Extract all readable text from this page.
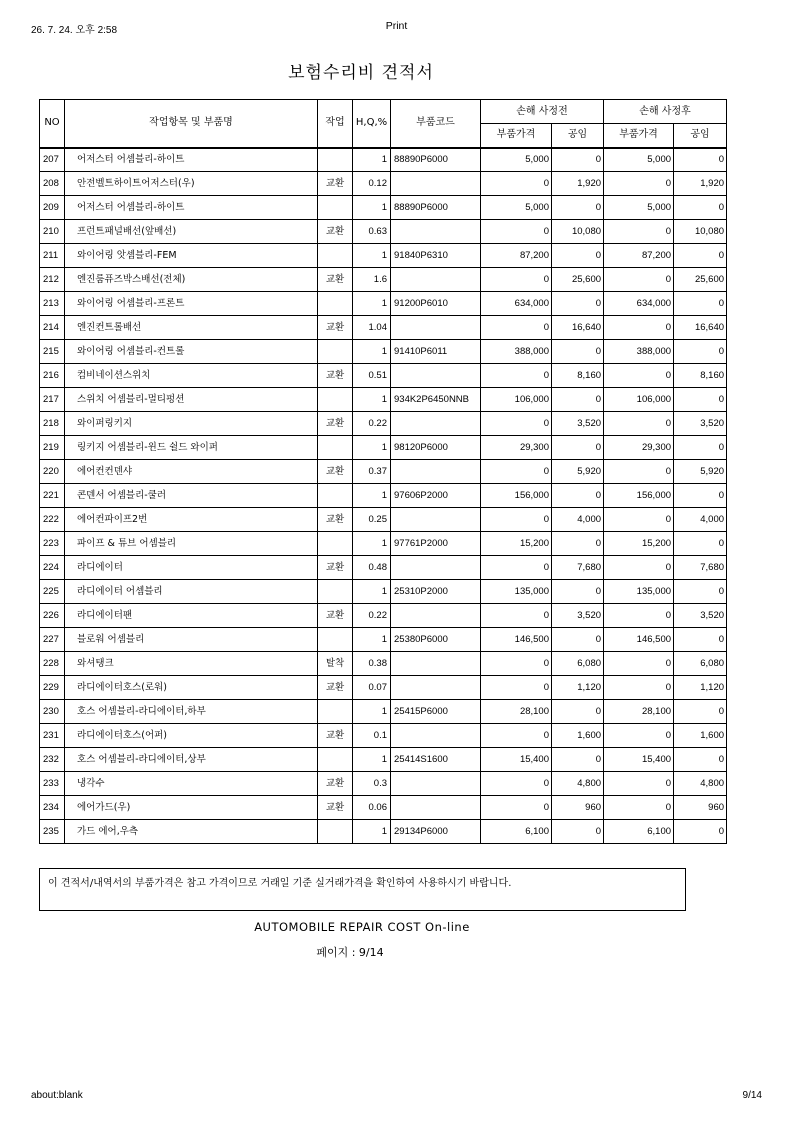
26. 7. 24. 오후 2:58	Print
보험수리비 견적서
NO	작업항목 및 부품명	작업	H,Q,%	부품코드	손해 사정전		손해 사정후	
					부품가격	공임	부품가격	공임
207	어저스터 어셈블리-하이트		1	88890P6000	5,000	0	5,000	0
208	안전벨트하이트어저스터(우)	교환	0.12		0	1,920	0	1,920
209	어저스터 어셈블리-하이트		1	88890P6000	5,000	0	5,000	0
210	프런트패널배선(앞배선)	교환	0.63		0	10,080	0	10,080
211	와이어링 앗셈블리-FEM		1	91840P6310	87,200	0	87,200	0
212	엔진룸퓨즈박스배선(전체)	교환	1.6		0	25,600	0	25,600
213	와이어링 어셈블리-프론트		1	91200P6010	634,000	0	634,000	0
214	엔진컨트롤배선	교환	1.04		0	16,640	0	16,640
215	와이어링 어셈블리-컨트롤		1	91410P6011	388,000	0	388,000	0
216	컴비네이션스위치	교환	0.51		0	8,160	0	8,160
217	스위치 어셈블리-멀티펑션		1	934K2P6450NNB	106,000	0	106,000	0
218	와이퍼링키지	교환	0.22		0	3,520	0	3,520
219	링키지 어셈블리-윈드 쉴드 와이퍼		1	98120P6000	29,300	0	29,300	0
220	에어컨컨덴샤	교환	0.37		0	5,920	0	5,920
221	콘덴서 어셈블리-쿨러		1	97606P2000	156,000	0	156,000	0
222	에어컨파이프2번	교환	0.25		0	4,000	0	4,000
223	파이프 & 튜브 어셈블리		1	97761P2000	15,200	0	15,200	0
224	라디에이터	교환	0.48		0	7,680	0	7,680
225	라디에이터 어셈블리		1	25310P2000	135,000	0	135,000	0
226	라디에이터팬	교환	0.22		0	3,520	0	3,520
227	블로워 어셈블리		1	25380P6000	146,500	0	146,500	0
228	와셔탱크	탈착	0.38		0	6,080	0	6,080
229	라디에이터호스(로워)	교환	0.07		0	1,120	0	1,120
230	호스 어셈블리-라디에이터,하부		1	25415P6000	28,100	0	28,100	0
231	라디에이터호스(어퍼)	교환	0.1		0	1,600	0	1,600
232	호스 어셈블리-라디에이터,상부		1	25414S1600	15,400	0	15,400	0
233	냉각수	교환	0.3		0	4,800	0	4,800
234	에어가드(우)	교환	0.06		0	960	0	960
235	가드 에어,우측		1	29134P6000	6,100	0	6,100	0
이 견적서/내역서의 부품가격은 참고 가격이므로 거래일 기준 실거래가격을 확인하여 사용하시기 바랍니다.
AUTOMOBILE REPAIR COST On-line
페이지 : 9/14
about:blank	9/14
